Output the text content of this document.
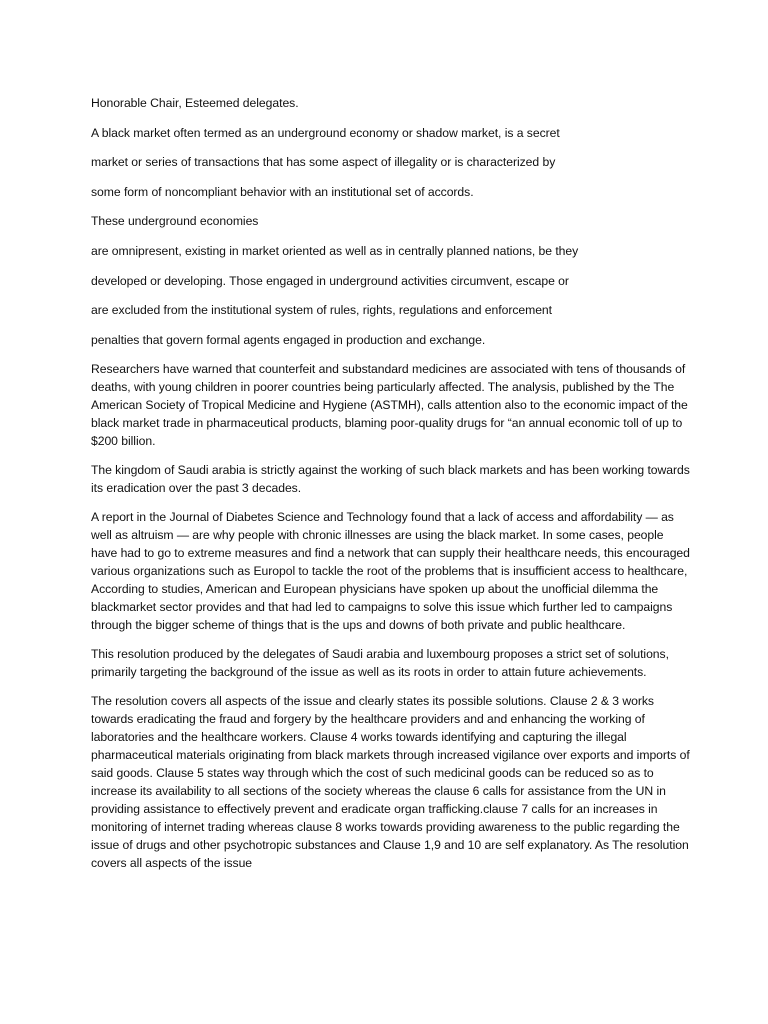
Honorable Chair, Esteemed delegates.

A black market often termed as an underground economy or shadow market, is a secret

market or series of transactions that has some aspect of illegality or is characterized by

some form of noncompliant behavior with an institutional set of accords.

These underground economies

are omnipresent, existing in market oriented as well as in centrally planned nations, be they

developed or developing. Those engaged in underground activities circumvent, escape or

are excluded from the institutional system of rules, rights, regulations and enforcement

penalties that govern formal agents engaged in production and exchange.

Researchers have warned that counterfeit and substandard medicines are associated with tens of thousands of deaths, with young children in poorer countries being particularly affected. The analysis, published by the The American Society of Tropical Medicine and Hygiene (ASTMH), calls attention also to the economic impact of the black market trade in pharmaceutical products, blaming poor-quality drugs for “an annual economic toll of up to $200 billion.

The kingdom of Saudi arabia is strictly against the working of such black markets and has been working towards its eradication over the past 3 decades.

A report in the Journal of Diabetes Science and Technology found that a lack of access and affordability — as well as altruism — are why people with chronic illnesses are using the black market. In some cases, people have had to go to extreme measures and find a network that can supply their healthcare needs, this encouraged various organizations such as Europol to tackle the root of the problems that is insufficient access to healthcare, According to studies, American and European physicians have spoken up about the unofficial dilemma the blackmarket sector provides and that had led to campaigns to solve this issue which further led to campaigns through the bigger scheme of things that is the ups and downs of both private and public healthcare.

This resolution produced by the delegates of Saudi arabia and luxembourg proposes a strict set of solutions, primarily targeting the background of the issue as well as its roots in order to attain future achievements.

The resolution covers all aspects of the issue and clearly states its possible solutions. Clause 2 & 3 works towards eradicating the fraud and forgery by the healthcare providers and and enhancing the working of laboratories and the healthcare workers. Clause 4 works towards identifying and capturing the illegal pharmaceutical materials originating from black markets through increased vigilance over exports and imports of said goods. Clause 5 states way through which the cost of such medicinal goods can be reduced so as to increase its availability to all sections of the society whereas the clause 6 calls for assistance from the UN in providing assistance to effectively prevent and eradicate organ trafficking.clause 7 calls for an increases in monitoring of internet trading whereas clause 8 works towards providing awareness to the public regarding the issue of drugs and other psychotropic substances and Clause 1,9 and 10 are self explanatory. As The resolution covers all aspects of the issue
